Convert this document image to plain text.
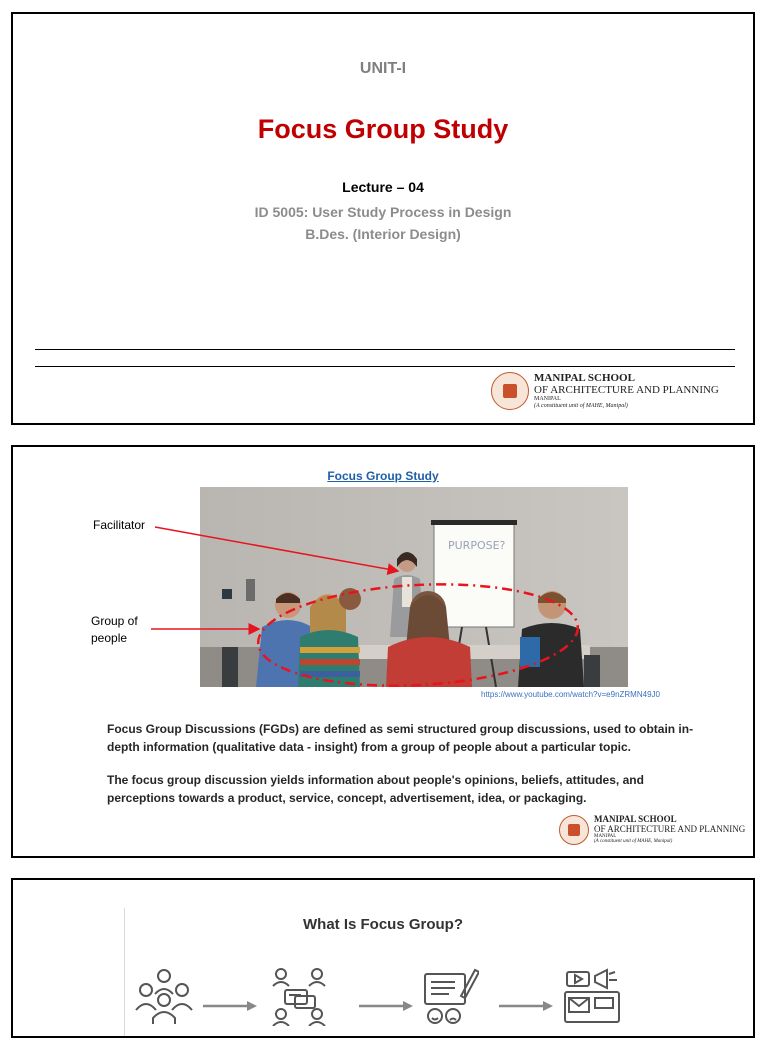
UNIT-I
Focus Group Study
Lecture – 04
ID 5005: User Study Process in Design
B.Des. (Interior Design)
MANIPAL SCHOOL
OF ARCHITECTURE AND PLANNING
MANIPAL
(A constituent unit of MAHE, Manipal)
Focus Group Study
PURPOSE?
Facilitator
Group of
people
https://www.youtube.com/watch?v=e9nZRMN49J0
Focus Group Discussions (FGDs) are defined as semi structured group discussions, used to obtain in-
depth information (qualitative data - insight) from a group of people about a particular topic.
The focus group discussion yields information about people's opinions, beliefs, attitudes, and
perceptions towards a product, service, concept, advertisement, idea, or packaging.
MANIPAL SCHOOL
OF ARCHITECTURE AND PLANNING
MANIPAL
(A constituent unit of MAHE, Manipal)
What Is Focus Group?
